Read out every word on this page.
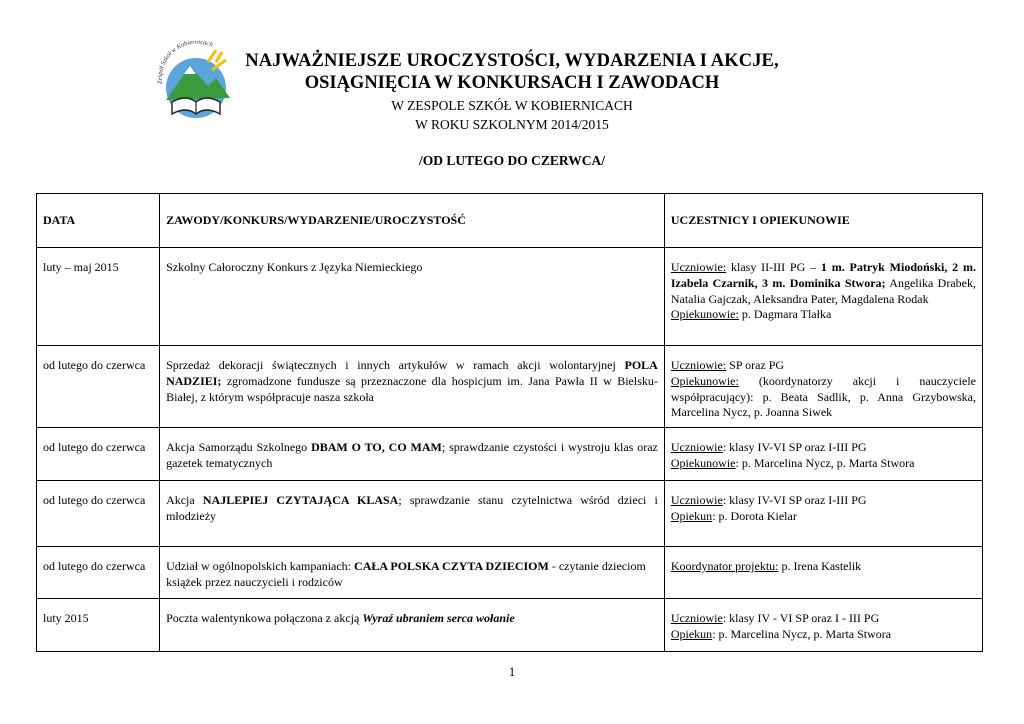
Zespół Szkół w Kobiernicach
NAJWAŻNIEJSZE UROCZYSTOŚCI, WYDARZENIA I AKCJE,
OSIĄGNIĘCIA W KONKURSACH I ZAWODACH
W ZESPOLE SZKÓŁ W KOBIERNICACH
W ROKU SZKOLNYM 2014/2015
/OD LUTEGO DO CZERWCA/
DATA	ZAWODY/KONKURS/WYDARZENIE/UROCZYSTOŚĆ	UCZESTNICY I OPIEKUNOWIE
luty – maj 2015	Szkolny Całoroczny Konkurs z Języka Niemieckiego	Uczniowie: klasy II-III PG – 1 m. Patryk Miodoński, 2 m. Izabela Czarnik, 3 m. Dominika Stwora; Angelika Drabek, Natalia Gajczak, Aleksandra Pater, Magdalena Rodak
Opiekunowie: p. Dagmara Tlałka
od lutego do czerwca	Sprzedaż dekoracji świątecznych i innych artykułów w ramach akcji wolontaryjnej POLA NADZIEI; zgromadzone fundusze są przeznaczone dla hospicjum im. Jana Pawła II w Bielsku-Białej, z którym współpracuje nasza szkoła	Uczniowie: SP oraz PG
Opiekunowie: (koordynatorzy akcji i nauczyciele współpracujący): p. Beata Sadlik, p. Anna Grzybowska, Marcelina Nycz, p. Joanna Siwek
od lutego do czerwca	Akcja Samorządu Szkolnego DBAM O TO, CO MAM; sprawdzanie czystości i wystroju klas oraz gazetek tematycznych	Uczniowie: klasy IV-VI SP oraz I-III PG
Opiekunowie: p. Marcelina Nycz, p. Marta Stwora
od lutego do czerwca	Akcja NAJLEPIEJ CZYTAJĄCA KLASA; sprawdzanie stanu czytelnictwa wśród dzieci i młodzieży	Uczniowie: klasy IV-VI SP oraz I-III PG
Opiekun: p. Dorota Kielar
od lutego do czerwca	Udział w ogólnopolskich kampaniach: CAŁA POLSKA CZYTA DZIECIOM - czytanie dzieciom książek przez nauczycieli i rodziców	Koordynator projektu: p. Irena Kastelik
luty 2015	Poczta walentynkowa połączona z akcją Wyraź ubraniem serca wołanie	Uczniowie: klasy IV - VI SP oraz I - III PG
Opiekun: p. Marcelina Nycz, p. Marta Stwora
1
